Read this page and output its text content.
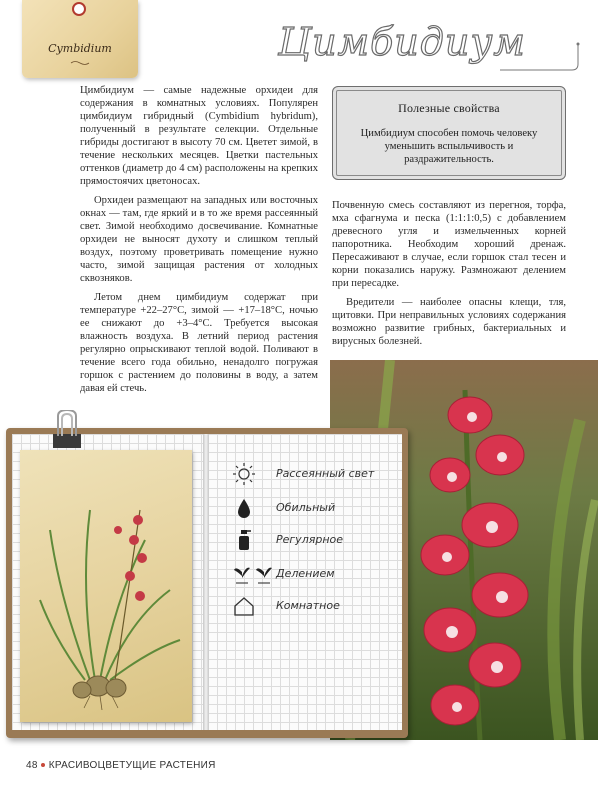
Cymbidium	Цимбидиум

Цимбидиум — самые надежные орхидеи для содержания в комнатных условиях. Популярен цимбидиум гибридный (Cymbidium hybridum), полученный в результате селекции. Отдельные гибриды достигают в высоту 70 см. Цветет зимой, в течение нескольких месяцев. Цветки пастельных оттенков (диаметр до 4 см) расположены на крепких прямостоячих цветоносах.

Орхидеи размещают на западных или восточных окнах — там, где яркий и в то же время рассеянный свет. Зимой необходимо досвечивание. Комнатные орхидеи не выносят духоту и слишком теплый воздух, поэтому проветривать помещение нужно часто, зимой защищая растения от холодных сквозняков.

Летом днем цимбидиум содержат при температуре +22–27°С, зимой — +17–18°С, ночью ее снижают до +3–4°С. Требуется высокая влажность воздуха. В летний период растения регулярно опрыскивают теплой водой. Поливают в течение всего года обильно, ненадолго погружая горшок с растением до половины в воду, а затем давая ей стечь.

Полезные свойства
Цимбидиум способен помочь человеку уменьшить вспыльчивость и раздражительность.

Почвенную смесь составляют из перегноя, торфа, мха сфагнума и песка (1:1:1:0,5) с добавлением древесного угля и измельченных корней папоротника. Необходим хороший дренаж. Пересаживают в случае, если горшок стал тесен и корни показались наружу. Размножают делением при пересадке.

Вредители — наиболее опасны клещи, тля, щитовки. При неправильных условиях содержания возможно развитие грибных, бактериальных и вирусных болезней.

Рассеянный свет
Обильный
Регулярное
Делением
Комнатное
48 КРАСИВОЦВЕТУЩИЕ РАСТЕНИЯ
